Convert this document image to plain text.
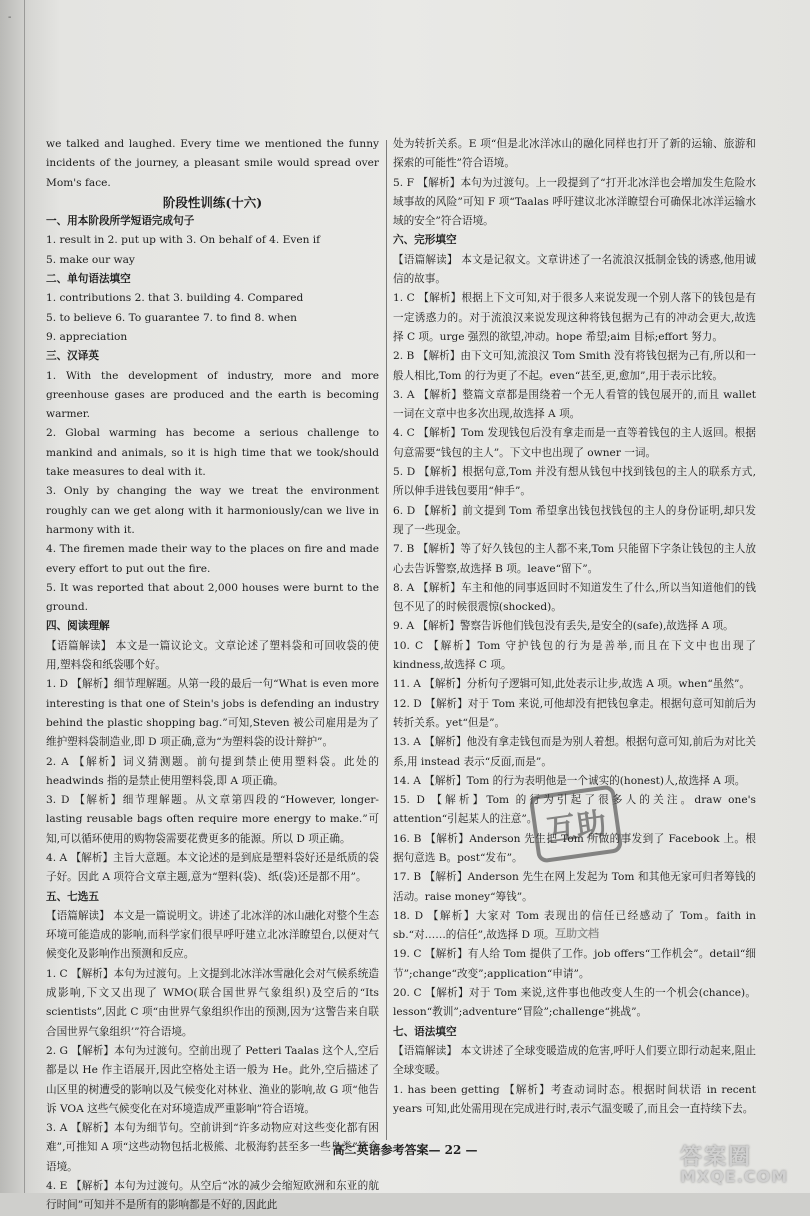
-

we talked and laughed. Every time we mentioned the funny incidents of the journey, a pleasant smile would spread over Mom's face.

阶段性训练(十六)

一、用本阶段所学短语完成句子

1. result in 2. put up with 3. On behalf of 4. Even if

5. make our way

二、单句语法填空

1. contributions 2. that 3. building 4. Compared

5. to believe 6. To guarantee 7. to find 8. when

9. appreciation

三、汉译英

1. With the development of industry, more and more greenhouse gases are produced and the earth is becoming warmer.

2. Global warming has become a serious challenge to mankind and animals, so it is high time that we took/should take measures to deal with it.

3. Only by changing the way we treat the environment roughly can we get along with it harmoniously/can we live in harmony with it.

4. The firemen made their way to the places on fire and made every effort to put out the fire.

5. It was reported that about 2,000 houses were burnt to the ground.

四、阅读理解

【语篇解读】 本文是一篇议论文。文章论述了塑料袋和可回收袋的使用,塑料袋和纸袋哪个好。

1. D 【解析】细节理解题。从第一段的最后一句“What is even more interesting is that one of Stein's jobs is defending an industry behind the plastic shopping bag.”可知,Steven 被公司雇用是为了维护塑料袋制造业,即 D 项正确,意为“为塑料袋的设计辩护”。

2. A 【解析】词义猜测题。前句提到禁止使用塑料袋。此处的 headwinds 指的是禁止使用塑料袋,即 A 项正确。

3. D 【解析】细节理解题。从文章第四段的“However, longer-lasting reusable bags often require more energy to make.”可知,可以循环使用的购物袋需要花费更多的能源。所以 D 项正确。

4. A 【解析】主旨大意题。本文论述的是到底是塑料袋好还是纸质的袋子好。因此 A 项符合文章主题,意为“塑料(袋)、纸(袋)还是都不用”。

五、七选五

【语篇解读】 本文是一篇说明文。讲述了北冰洋的冰山融化对整个生态环境可能造成的影响,而科学家们很早呼吁建立北冰洋瞭望台,以便对气候变化及影响作出预测和反应。

1. C 【解析】本句为过渡句。上文提到北冰洋冰雪融化会对气候系统造成影响,下文又出现了 WMO(联合国世界气象组织)及空后的“Its scientists”,因此 C 项“由世界气象组织作出的预测,因为‘这警告来自联合国世界气象组织’”符合语境。

2. G 【解析】本句为过渡句。空前出现了 Petteri Taalas 这个人,空后都是以 He 作主语展开,因此空格处主语一般为 He。此外,空后描述了山区里的树遭受的影响以及气候变化对林业、渔业的影响,故 G 项“他告诉 VOA 这些气候变化在对环境造成严重影响”符合语境。

3. A 【解析】本句为细节句。空前讲到“许多动物应对这些变化都有困难”,可推知 A 项“这些动物包括北极熊、北极海豹甚至多一些鸟类”符合语境。

4. E 【解析】本句为过渡句。从空后“冰的减少会缩短欧洲和东亚的航行时间”可知并不是所有的影响都是不好的,因此此

处为转折关系。E 项“但是北冰洋冰山的融化同样也打开了新的运输、旅游和探索的可能性”符合语境。

5. F 【解析】本句为过渡句。上一段提到了“打开北冰洋也会增加发生危险水域事故的风险”可知 F 项“Taalas 呼吁建议北冰洋瞭望台可确保北冰洋运输水域的安全”符合语境。

六、完形填空

【语篇解读】 本文是记叙文。文章讲述了一名流浪汉抵制金钱的诱惑,他用诚信的故事。

1. C 【解析】根据上下文可知,对于很多人来说发现一个别人落下的钱包是有一定诱惑力的。对于流浪汉来说发现这种将钱包据为己有的冲动会更大,故选择 C 项。urge 强烈的欲望,冲动。hope 希望;aim 目标;effort 努力。

2. B 【解析】由下文可知,流浪汉 Tom Smith 没有将钱包据为己有,所以和一般人相比,Tom 的行为更了不起。even“甚至,更,愈加”,用于表示比较。

3. A 【解析】整篇文章都是围绕着一个无人看管的钱包展开的,而且 wallet 一词在文章中也多次出现,故选择 A 项。

4. C 【解析】Tom 发现钱包后没有拿走而是一直等着钱包的主人返回。根据句意需要“钱包的主人”。下文中也出现了 owner 一词。

5. D 【解析】根据句意,Tom 并没有想从钱包中找到钱包的主人的联系方式,所以伸手进钱包要用“伸手”。

6. D 【解析】前文提到 Tom 希望拿出钱包找钱包的主人的身份证明,却只发现了一些现金。

7. B 【解析】等了好久钱包的主人都不来,Tom 只能留下字条让钱包的主人放心去告诉警察,故选择 B 项。leave“留下”。

8. A 【解析】车主和他的同事返回时不知道发生了什么,所以当知道他们的钱包不见了的时候很震惊(shocked)。

9. A 【解析】警察告诉他们钱包没有丢失,是安全的(safe),故选择 A 项。

10. C 【解析】Tom 守护钱包的行为是善举,而且在下文中也出现了 kindness,故选择 C 项。

11. A 【解析】分析句子逻辑可知,此处表示让步,故选 A 项。when“虽然”。

12. D 【解析】对于 Tom 来说,可他却没有把钱包拿走。根据句意可知前后为转折关系。yet“但是”。

13. A 【解析】他没有拿走钱包而是为别人着想。根据句意可知,前后为对比关系,用 instead 表示“反面,而是”。

14. A 【解析】Tom 的行为表明他是一个诚实的(honest)人,故选择 A 项。

15. D 【解析】Tom 的行为引起了很多人的关注。draw one's attention“引起某人的注意”。

16. B 【解析】Anderson 先生把 Tom 所做的事发到了 Facebook 上。根据句意选 B。post“发布”。

17. B 【解析】Anderson 先生在网上发起为 Tom 和其他无家可归者筹钱的活动。raise money“筹钱”。

18. D 【解析】大家对 Tom 表现出的信任已经感动了 Tom。faith in sb.“对……的信任”,故选择 D 项。

19. C 【解析】有人给 Tom 提供了工作。job offers“工作机会”。detail“细节”;change“改变”;application“申请”。

20. C 【解析】对于 Tom 来说,这件事也他改变人生的一个机会(chance)。lesson“教训”;adventure“冒险”;challenge“挑战”。

七、语法填空

【语篇解读】 本文讲述了全球变暖造成的危害,呼吁人们要立即行动起来,阻止全球变暖。

1. has been getting 【解析】考查动词时态。根据时间状语 in recent years 可知,此处需用现在完成进行时,表示气温变暖了,而且会一直持续下去。

互助
互助文档
高二英语参考答案— 22 —	答案圈
MXQE.COM
